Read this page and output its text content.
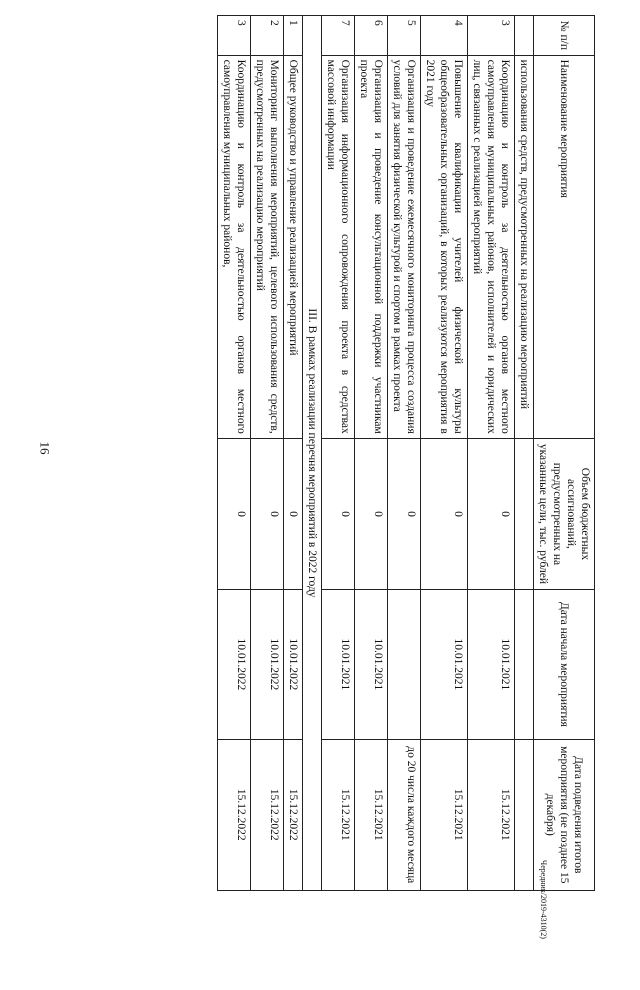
16
№ п/п	Наименование мероприятия	Объем бюджетных ассигнований, предусмотренных на указанные цели, тыс. рублей	Дата начала мероприятия	Дата подведения итогов мероприятия (не позднее 15 декабря)
	использования средств, предусмотренных на реализацию мероприятий			
3	Координацию и контроль за деятельностью органов местного самоуправления муниципальных районов, исполнителей и юридических лиц, связанных с реализацией мероприятий	0	10.01.2021	15.12.2021
4	Повышение квалификации учителей физической культуры общеобразовательных организаций, в которых реализуются мероприятия в 2021 году	0	10.01.2021	15.12.2021
5	Организация и проведение ежемесячного мониторинга процесса создания условий для занятия физической культурой и спортом в рамках проекта	0		до 20 числа каждого месяца
6	Организация и проведение консультационной поддержки участникам проекта	0	10.01.2021	15.12.2021
7	Организация информационного сопровождения проекта в средствах массовой информации	0	10.01.2021	15.12.2021
III. В рамках реализации перечня мероприятий в 2022 году				
1	Общее руководство и управление реализацией мероприятий	0	10.01.2022	15.12.2022
2	Мониторинг выполнения мероприятий, целевого использования средств, предусмотренных на реализацию мероприятий	0	10.01.2022	15.12.2022
3	Координацию и контроль за деятельностью органов местного самоуправления муниципальных районов,	0	10.01.2022	15.12.2022
Чередник/2019-4310(2)
